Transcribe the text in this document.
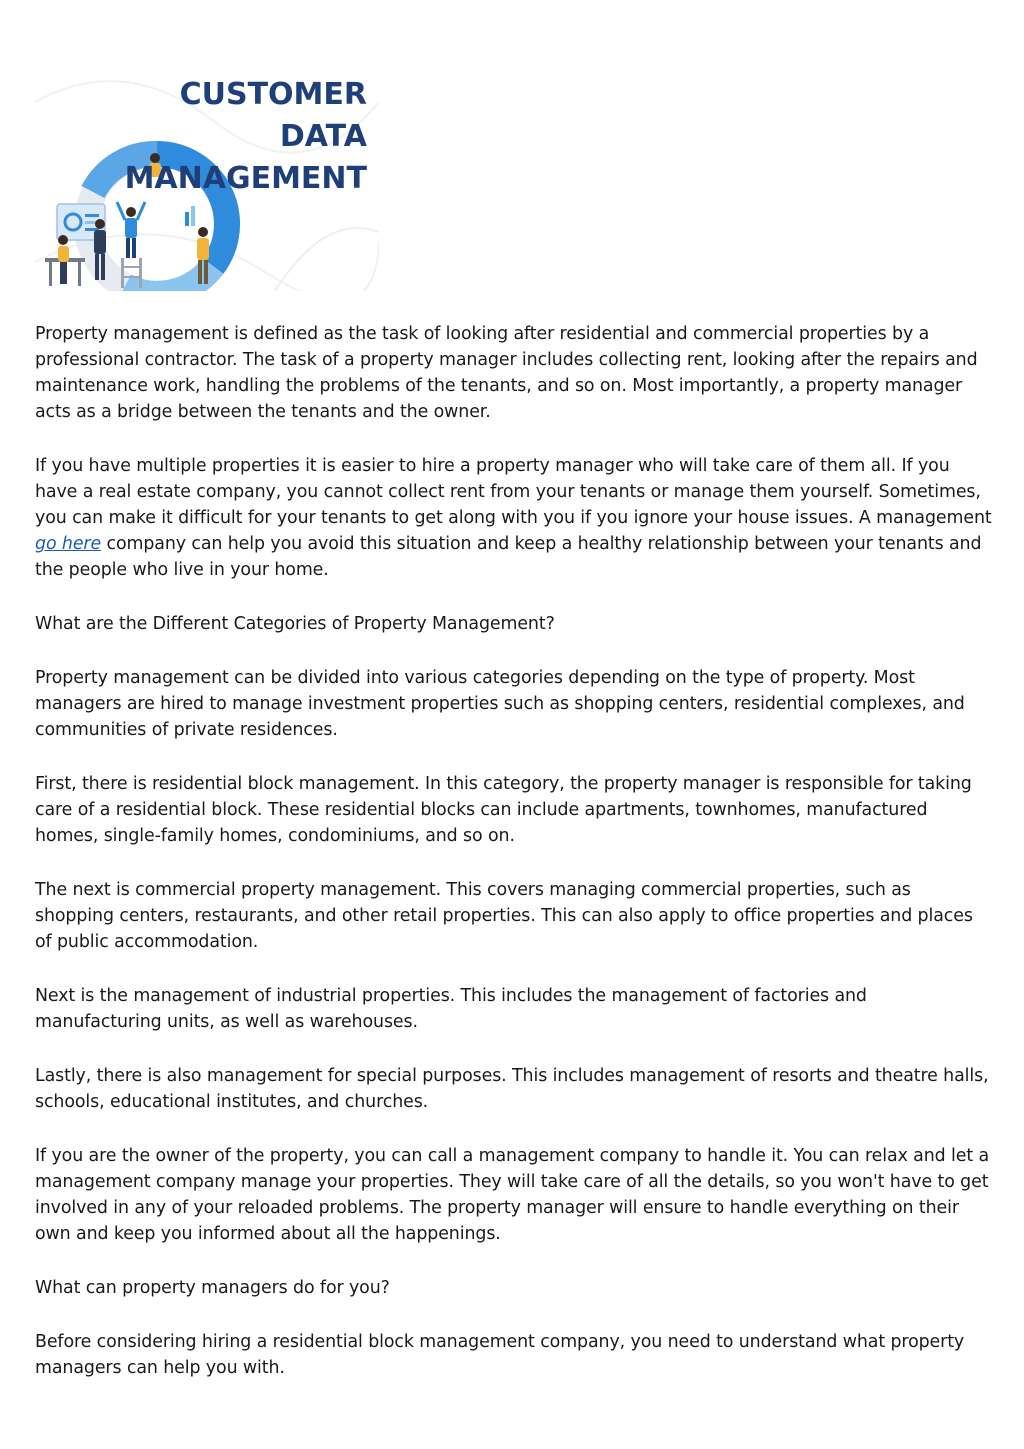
CUSTOMER
DATA
MANAGEMENT

Property management is defined as the task of looking after residential and commercial properties by a professional contractor. The task of a property manager includes collecting rent, looking after the repairs and maintenance work, handling the problems of the tenants, and so on. Most importantly, a property manager acts as a bridge between the tenants and the owner.

If you have multiple properties it is easier to hire a property manager who will take care of them all. If you have a real estate company, you cannot collect rent from your tenants or manage them yourself. Sometimes, you can make it difficult for your tenants to get along with you if you ignore your house issues. A management go here company can help you avoid this situation and keep a healthy relationship between your tenants and the people who live in your home.

What are the Different Categories of Property Management?

Property management can be divided into various categories depending on the type of property. Most managers are hired to manage investment properties such as shopping centers, residential complexes, and communities of private residences.

First, there is residential block management. In this category, the property manager is responsible for taking care of a residential block. These residential blocks can include apartments, townhomes, manufactured homes, single-family homes, condominiums, and so on.

The next is commercial property management. This covers managing commercial properties, such as shopping centers, restaurants, and other retail properties. This can also apply to office properties and places of public accommodation.

Next is the management of industrial properties. This includes the management of factories and manufacturing units, as well as warehouses.

Lastly, there is also management for special purposes. This includes management of resorts and theatre halls, schools, educational institutes, and churches.

If you are the owner of the property, you can call a management company to handle it. You can relax and let a management company manage your properties. They will take care of all the details, so you won't have to get involved in any of your reloaded problems. The property manager will ensure to handle everything on their own and keep you informed about all the happenings.

What can property managers do for you?

Before considering hiring a residential block management company, you need to understand what property managers can help you with.
